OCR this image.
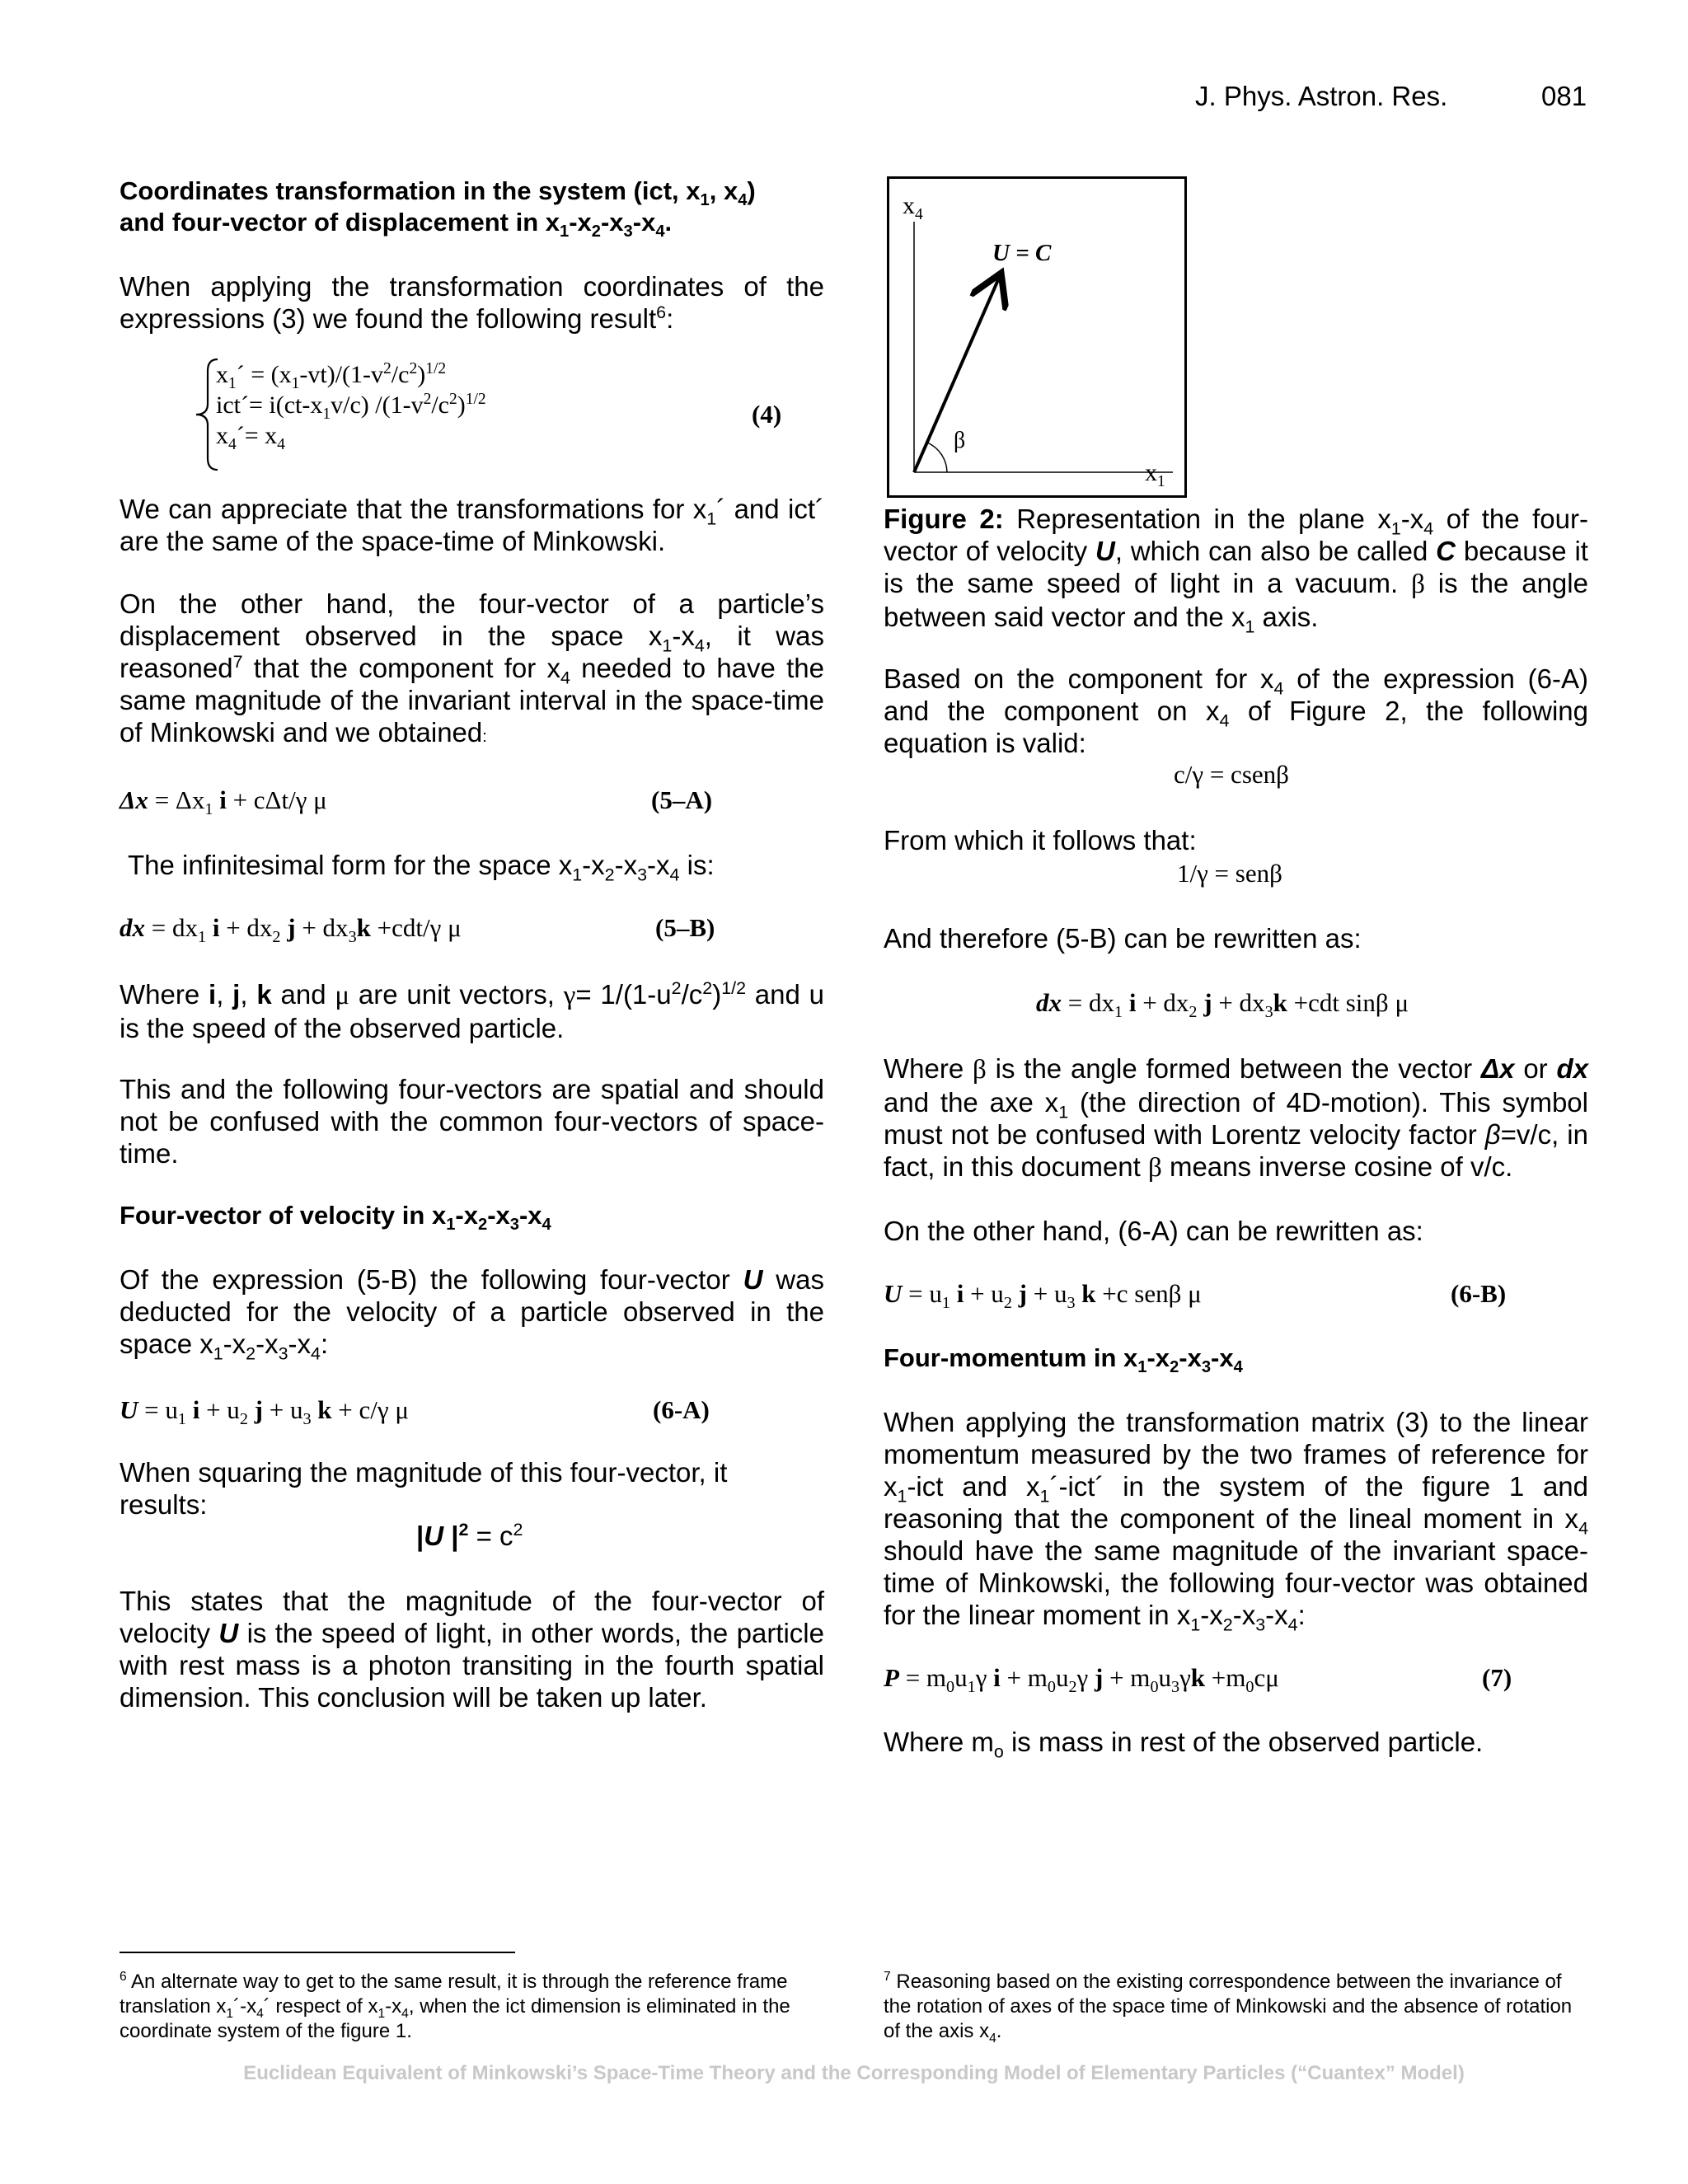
J. Phys. Astron. Res.	081
Coordinates transformation in the system (ict, $x_1$, $x_4$)
and four-vector of displacement in $x_1-x_2-x_3-x_4$.
When applying the transformation coordinates of the expressions (3) we found the following result$^6$:
$x_1´ = (x_1-vt)/(1-v^2/c^2)^{1/2}$
ict´= $i(ct-x_1v/c)$ $/(1-v^2/c^2)^{1/2}$
$x_4´= x_4$
(4)
We can appreciate that the transformations for $x_1´$ and ict´ are the same of the space-time of Minkowski.
On the other hand, the four-vector of a particle’s displacement observed in the space $x_1-x_4$, it was reasoned$^7$ that the component for $x_4$ needed to have the same magnitude of the invariant interval in the space-time of Minkowski and we obtained:
$\Delta x = \Delta x_1$ i + cΔt/γ μ	(5–A)
The infinitesimal form for the space $x_1-x_2-x_3-x_4$ is:
dx = $dx_1$ $i + dx_2$ $j + dx_3k +cdt/\gamma$ μ	(5–B)
Where i, j, k and μ are unit vectors, $\gamma= 1/(1-u^2/c^2)^{1/2}$ and u is the speed of the observed particle.
This and the following four-vectors are spatial and should not be confused with the common four-vectors of space-time.
Four-vector of velocity in $x_1-x_2-x_3-x_4$
Of the expression (5-B) the following four-vector U was deducted for the velocity of a particle observed in the space $x_1-x_2-x_3-x_4$:
$U = u_1$ $i + u_2$ $j + u_3$ k + c/γ μ	(6-A)
When squaring the magnitude of this four-vector, it results:
|U $|^2 = c^2$
This states that the magnitude of the four-vector of velocity U is the speed of light, in other words, the particle with rest mass is a photon transiting in the fourth spatial dimension. This conclusion will be taken up later.
$x_4$
U = C
β
$x_1$
Figure 2: Representation in the plane $x_1-x_4$ of the four-vector of velocity U, which can also be called C because it is the same speed of light in a vacuum. β is the angle between said vector and the $x_1$ axis.
Based on the component for $x_4$ of the expression (6-A) and the component on $x_4$ of Figure 2, the following equation is valid:
c/γ = csenβ
From which it follows that:
1/γ = senβ
And therefore (5-B) can be rewritten as:
dx = $dx_1$ $i + dx_2$ $j + dx_3k +cdt$ sinβ μ
Where β is the angle formed between the vector Δx or dx and the axe $x_1$ (the direction of 4D-motion). This symbol must not be confused with Lorentz velocity factor β=v/c, in fact, in this document β means inverse cosine of v/c.
On the other hand, (6-A) can be rewritten as:
$U = u_1$ $i + u_2$ $j + u_3$ k +c senβ μ	(6-B)
Four-momentum in $x_1-x_2-x_3-x_4$
When applying the transformation matrix (3) to the linear momentum measured by the two frames of reference for $x_1$-ict and $x_1´-ict´$ in the system of the figure 1 and reasoning that the component of the lineal moment in $x_4$ should have the same magnitude of the invariant space-time of Minkowski, the following four-vector was obtained for the linear moment in $x_1-x_2-x_3-x_4$:
$P = m_0u_1\gamma$ $i + m_0u_2\gamma$ $j + m_0u_3\gamma k +m_0c\mu$	(7)
Where $m_o$ is mass in rest of the observed particle.
$^6$ An alternate way to get to the same result, it is through the reference frame translation $x_1´-x_4´$ respect of $x_1-x_4$, when the ict dimension is eliminated in the coordinate system of the figure 1.
$^7$ Reasoning based on the existing correspondence between the invariance of the rotation of axes of the space time of Minkowski and the absence of rotation of the axis $x_4$.
Euclidean Equivalent of Minkowski’s Space-Time Theory and the Corresponding Model of Elementary Particles (“Cuantex” Model)
